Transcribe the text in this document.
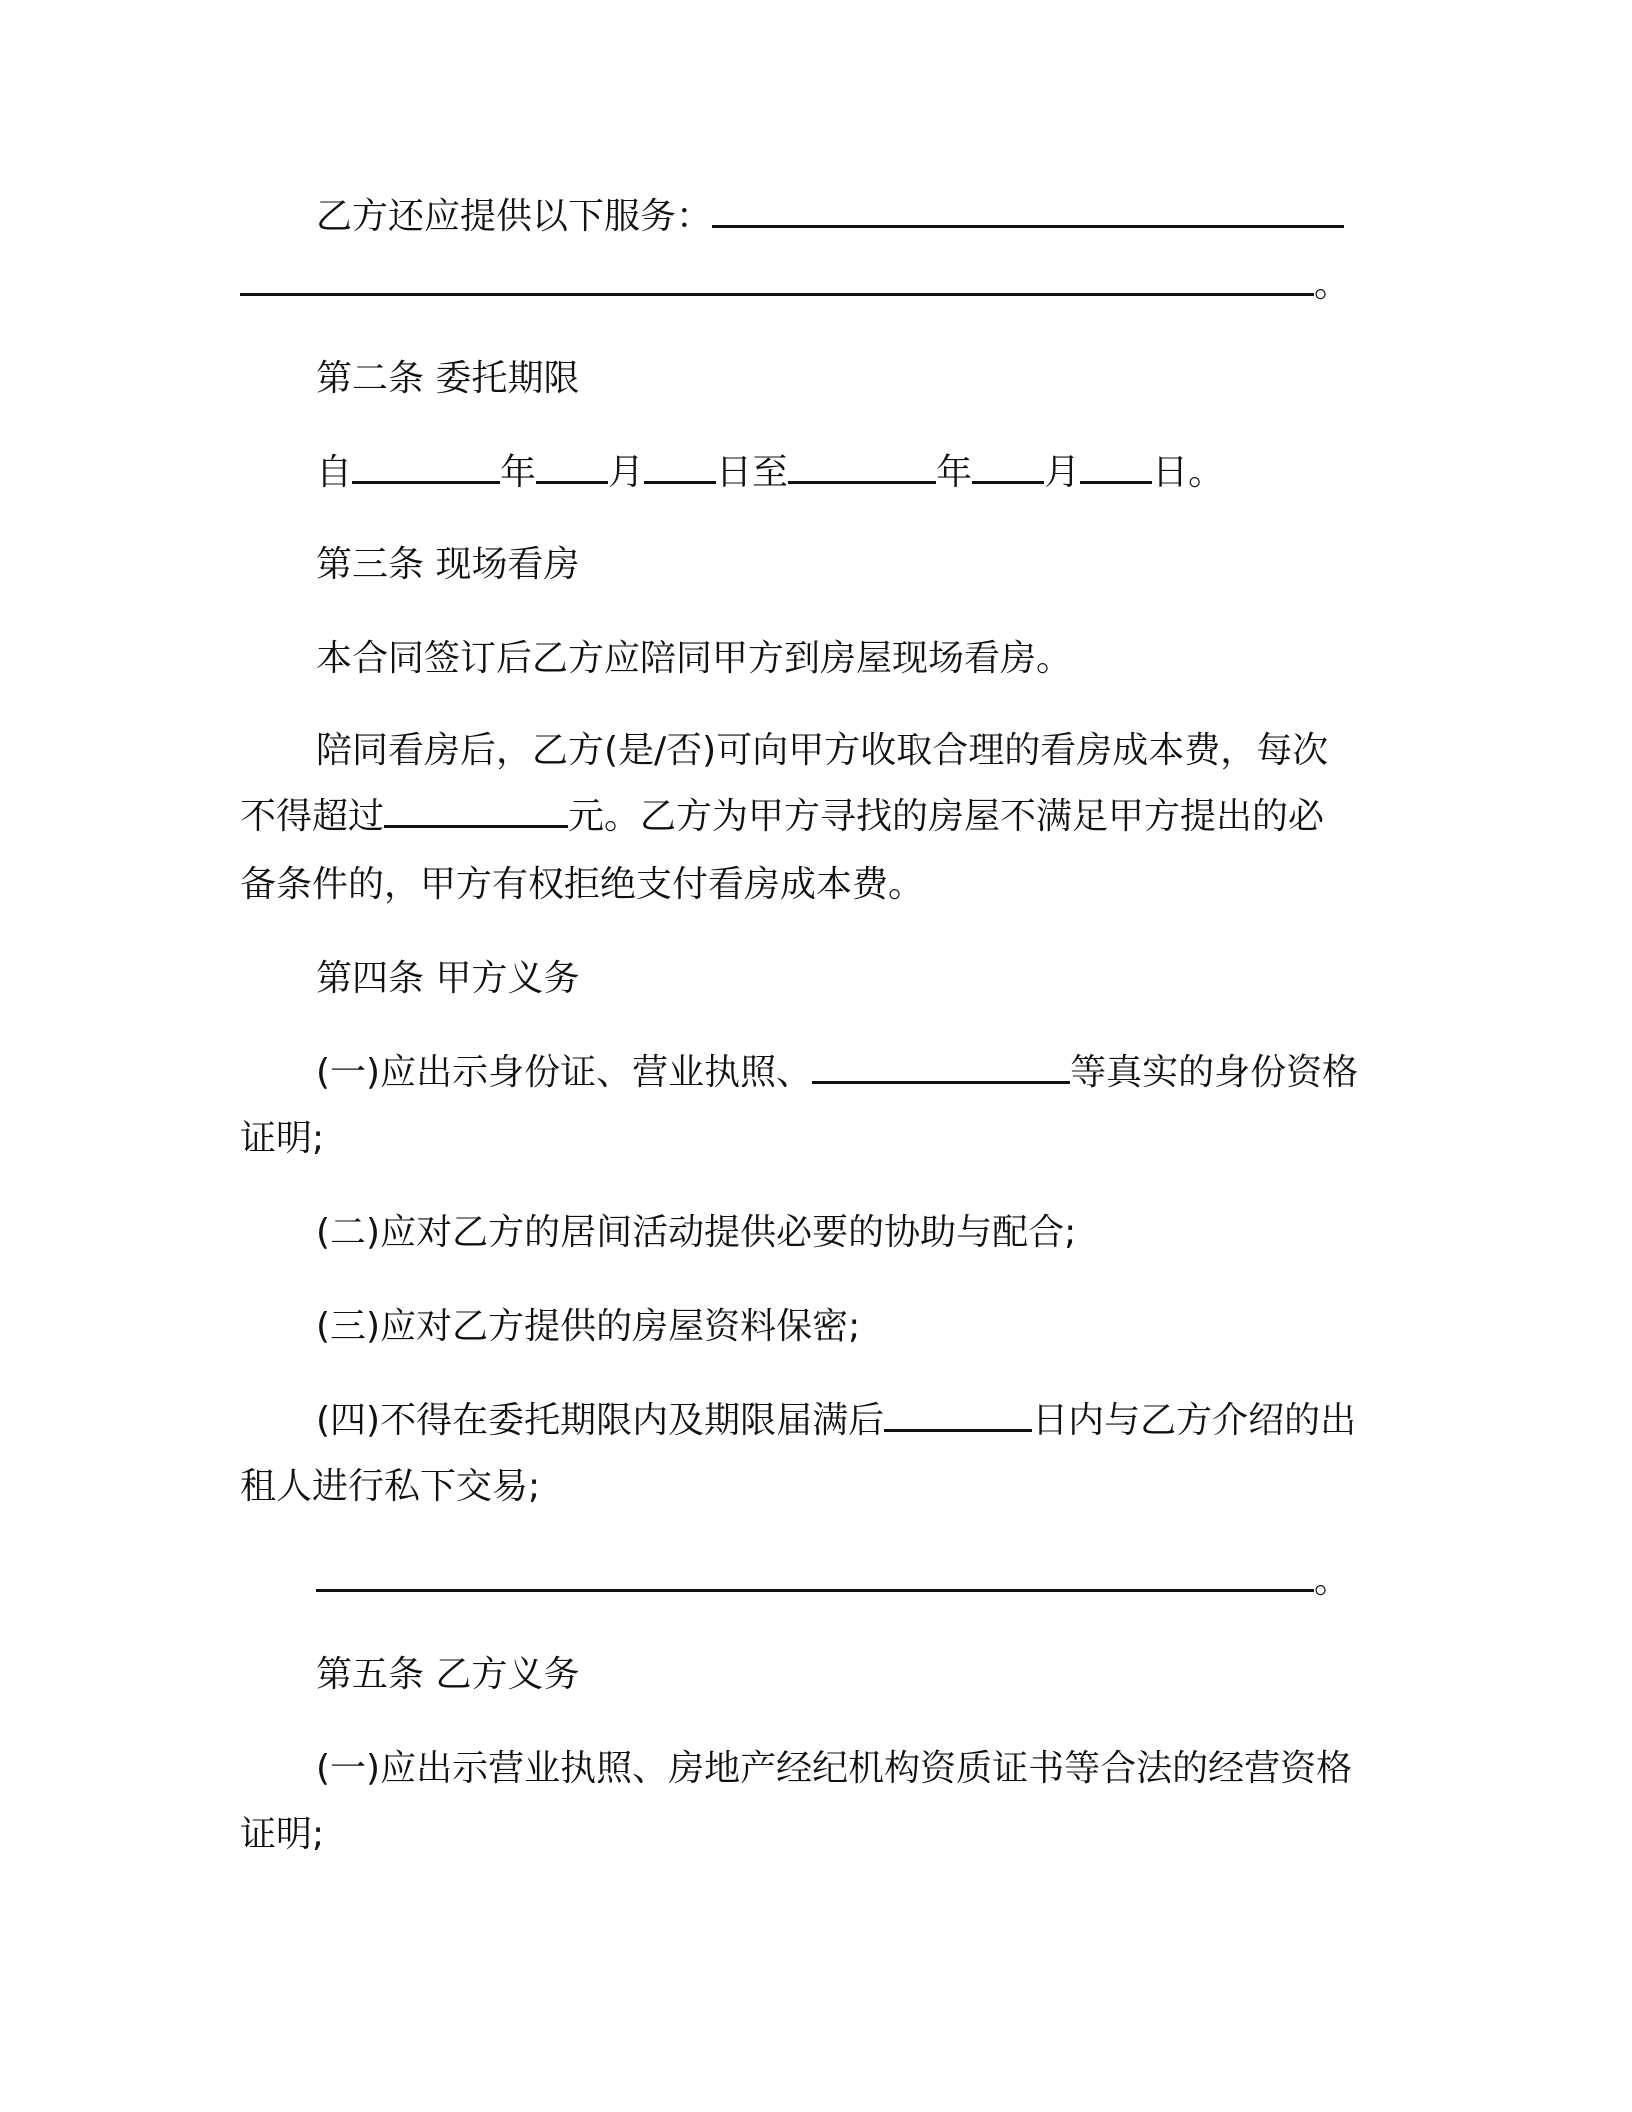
乙方还应提供以下服务：

。

第二条 委托期限

自	年 月 日至	年 月 日。

第三条 现场看房

本合同签订后乙方应陪同甲方到房屋现场看房。

陪同看房后，乙方(是/否)可向甲方收取合理的看房成本费，每次

不得超过	元。乙方为甲方寻找的房屋不满足甲方提出的必

备条件的，甲方有权拒绝支付看房成本费。

第四条 甲方义务

(一)应出示身份证、营业执照、	等真实的身份资格

证明;

(二)应对乙方的居间活动提供必要的协助与配合;

(三)应对乙方提供的房屋资料保密;

(四)不得在委托期限内及期限届满后	日内与乙方介绍的出

租人进行私下交易;

。

第五条 乙方义务

(一)应出示营业执照、房地产经纪机构资质证书等合法的经营资格

证明;
